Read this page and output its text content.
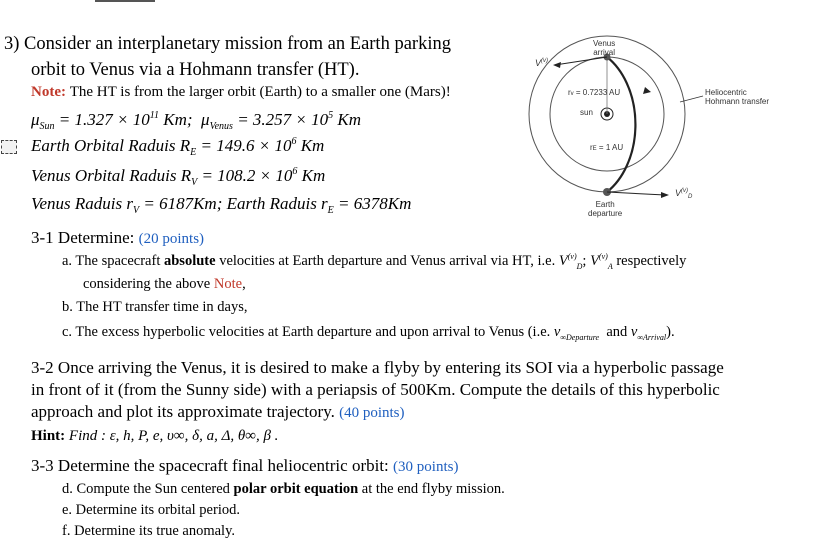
3) Consider an interplanetary mission from an Earth parking
orbit to Venus via a Hohmann transfer (HT).
Note: The HT is from the larger orbit (Earth) to a smaller one (Mars)!
$\mu_{Sun} = 1.327 \times 10^{11}$ Km;  $\mu_{Venus} = 3.257 \times 10^5$ Km
Earth Orbital Raduis $R_E = 149.6 \times 10^6$ Km
Venus Orbital Raduis $R_V = 108.2 \times 10^6$ Km
Venus Raduis $r_V = 6187Km$; Earth Raduis $r_E = 6378Km$
Venus
arrival
$V^{(v)}$
rv = 0.7233 AU
sun
rE = 1 AU
Earth
departure
$V^{(v)}_D$
Heliocentric
Hohmann transfer
3-1 Determine: (20 points)
a. The spacecraft absolute velocities at Earth departure and Venus arrival via HT, i.e. $V^{(v)}_D$; $V^{(v)}_A$ respectively
considering the above Note,
b. The HT transfer time in days,
c. The excess hyperbolic velocities at Earth departure and upon arrival to Venus (i.e. $v_{\infty Departure}$ and $v_{\infty Arrival}$).
3-2 Once arriving the Venus, it is desired to make a flyby by entering its SOI via a hyperbolic passage
in front of it (from the Sunny side) with a periapsis of 500Km. Compute the details of this hyperbolic
approach and plot its approximate trajectory. (40 points)
Hint: Find : ε, h, P, e, υ∞, δ, a, Δ, θ∞, β .
3-3 Determine the spacecraft final heliocentric orbit: (30 points)
d. Compute the Sun centered polar orbit equation at the end flyby mission.
e. Determine its orbital period.
f. Determine its true anomaly.
